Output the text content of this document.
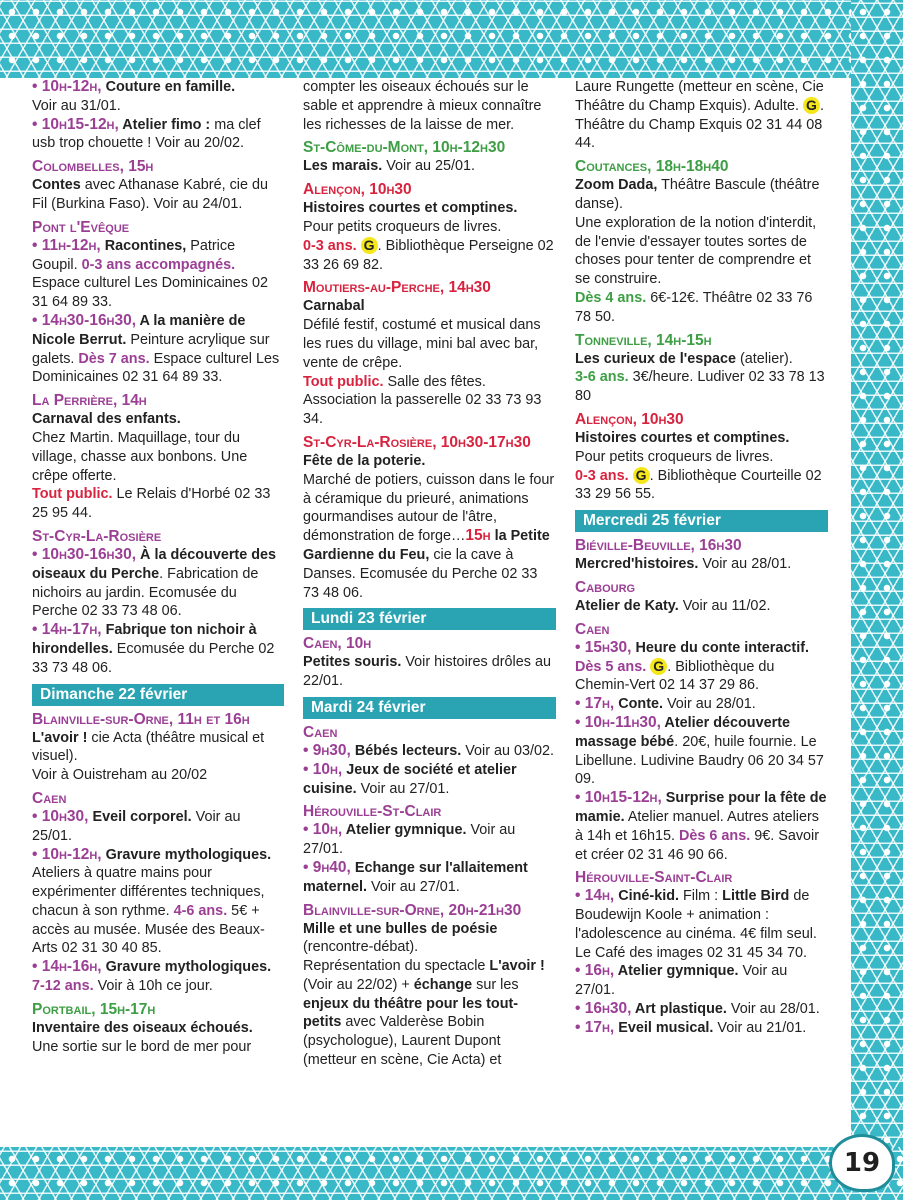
• 10h-12h, Couture en famille.
Voir au 31/01.

• 10h15-12h, Atelier fimo : ma clef usb trop chouette ! Voir au 20/02.

Colombelles, 15h

Contes avec Athanase Kabré, cie du Fil (Burkina Faso). Voir au 24/01.

Pont l'Evêque

• 11h-12h, Racontines, Patrice Goupil. 0-3 ans accompagnés. Espace culturel Les Dominicaines 02 31 64 89 33.

• 14h30-16h30, A la manière de Nicole Berrut. Peinture acrylique sur galets. Dès 7 ans. Espace culturel Les Dominicaines 02 31 64 89 33.

La Perrière, 14h

Carnaval des enfants.
Chez Martin. Maquillage, tour du village, chasse aux bonbons. Une crêpe offerte.
Tout public. Le Relais d'Horbé 02 33 25 95 44.

St-Cyr-La-Rosière

• 10h30-16h30, À la découverte des oiseaux du Perche. Fabrication de nichoirs au jardin. Ecomusée du Perche 02 33 73 48 06.

• 14h-17h, Fabrique ton nichoir à hirondelles. Ecomusée du Perche 02 33 73 48 06.

Dimanche 22 février
Blainville-sur-Orne, 11h et 16h

L'avoir ! cie Acta (théâtre musical et visuel).
Voir à Ouistreham au 20/02

Caen

• 10h30, Eveil corporel. Voir au 25/01.

• 10h-12h, Gravure mythologiques. Ateliers à quatre mains pour expérimenter différentes techniques, chacun à son rythme. 4-6 ans. 5€ + accès au musée. Musée des Beaux-Arts 02 31 30 40 85.

• 14h-16h, Gravure mythologiques. 7-12 ans. Voir à 10h ce jour.

Portbail, 15h-17h

Inventaire des oiseaux échoués.
Une sortie sur le bord de mer pour

compter les oiseaux échoués sur le sable et apprendre à mieux connaître les richesses de la laisse de mer.

St-Côme-du-Mont, 10h-12h30

Les marais. Voir au 25/01.

Alençon, 10h30

Histoires courtes et comptines.
Pour petits croqueurs de livres.
0-3 ans. G . Bibliothèque Perseigne 02 33 26 69 82.

Moutiers-au-Perche, 14h30

Carnabal
Défilé festif, costumé et musical dans les rues du village, mini bal avec bar, vente de crêpe.
Tout public. Salle des fêtes. Association la passerelle 02 33 73 93 34.

St-Cyr-La-Rosière, 10h30-17h30

Fête de la poterie.
Marché de potiers, cuisson dans le four à céramique du prieuré, animations gourmandises autour de l'âtre, démonstration de forge…15h la Petite Gardienne du Feu, cie la cave à Danses. Ecomusée du Perche 02 33 73 48 06.

Lundi 23 février
Caen, 10h

Petites souris. Voir histoires drôles au 22/01.

Mardi 24 février
Caen

• 9h30, Bébés lecteurs. Voir au 03/02.

• 10h, Jeux de société et atelier cuisine. Voir au 27/01.

Hérouville-St-Clair

• 10h, Atelier gymnique. Voir au 27/01.

• 9h40, Echange sur l'allaitement maternel. Voir au 27/01.

Blainville-sur-Orne, 20h-21h30

Mille et une bulles de poésie
(rencontre-débat).
Représentation du spectacle L'avoir ! (Voir au 22/02) + échange sur les enjeux du théâtre pour les tout-petits avec Valderèse Bobin (psychologue), Laurent Dupont (metteur en scène, Cie Acta) et

Laure Rungette (metteur en scène, Cie Théâtre du Champ Exquis). Adulte. G . Théâtre du Champ Exquis 02 31 44 08 44.

Coutances, 18h-18h40

Zoom Dada, Théâtre Bascule (théâtre danse).
Une exploration de la notion d'interdit, de l'envie d'essayer toutes sortes de choses pour tenter de comprendre et se construire.
Dès 4 ans. 6€-12€. Théâtre 02 33 76 78 50.

Tonneville, 14h-15h

Les curieux de l'espace (atelier).
3-6 ans. 3€/heure. Ludiver 02 33 78 13 80

Alençon, 10h30

Histoires courtes et comptines.
Pour petits croqueurs de livres.
0-3 ans. G . Bibliothèque Courteille 02 33 29 56 55.

Mercredi 25 février
Biéville-Beuville, 16h30

Mercred'histoires. Voir au 28/01.

Cabourg

Atelier de Katy. Voir au 11/02.

Caen

• 15h30, Heure du conte interactif.
Dès 5 ans. G . Bibliothèque du Chemin-Vert 02 14 37 29 86.

• 17h, Conte. Voir au 28/01.

• 10h-11h30, Atelier découverte massage bébé. 20€, huile fournie. Le Libellune. Ludivine Baudry 06 20 34 57 09.

• 10h15-12h, Surprise pour la fête de mamie. Atelier manuel. Autres ateliers à 14h et 16h15. Dès 6 ans. 9€. Savoir et créer 02 31 46 90 66.

Hérouville-Saint-Clair

• 14h, Ciné-kid. Film : Little Bird de Boudewijn Koole + animation : l'adolescence au cinéma. 4€ film seul. Le Café des images 02 31 45 34 70.

• 16h, Atelier gymnique. Voir au 27/01.

• 16h30, Art plastique. Voir au 28/01.

• 17h, Eveil musical. Voir au 21/01.

19
